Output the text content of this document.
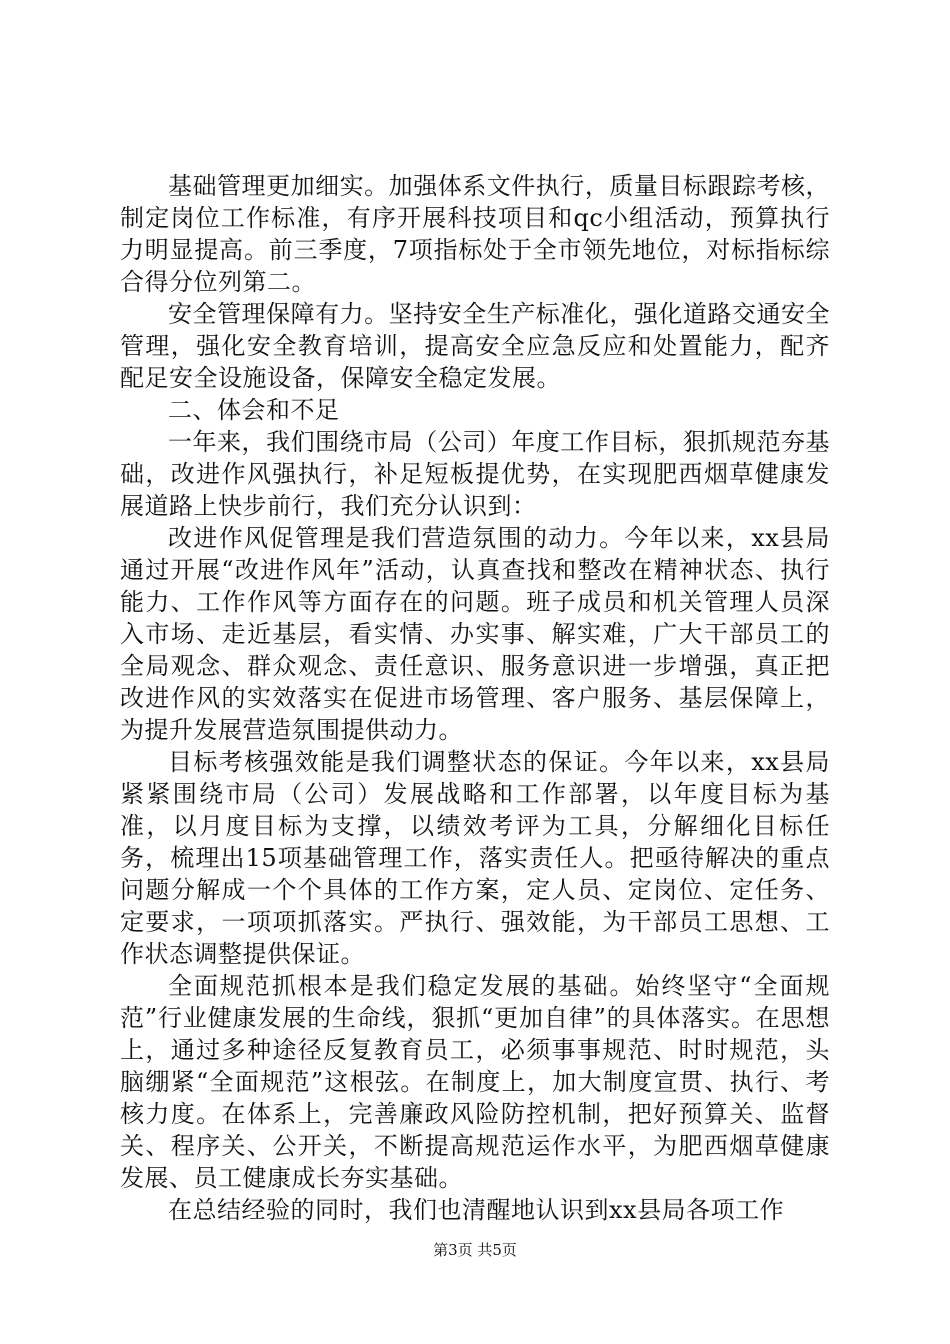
基础管理更加细实。加强体系文件执行，质量目标跟踪考核，制定岗位工作标准，有序开展科技项目和qc小组活动，预算执行力明显提高。前三季度，7项指标处于全市领先地位，对标指标综合得分位列第二。

安全管理保障有力。坚持安全生产标准化，强化道路交通安全管理，强化安全教育培训，提高安全应急反应和处置能力，配齐配足安全设施设备，保障安全稳定发展。

二、体会和不足

一年来，我们围绕市局（公司）年度工作目标，狠抓规范夯基础，改进作风强执行，补足短板提优势，在实现肥西烟草健康发展道路上快步前行，我们充分认识到：

改进作风促管理是我们营造氛围的动力。今年以来，xx县局通过开展“改进作风年”活动，认真查找和整改在精神状态、执行能力、工作作风等方面存在的问题。班子成员和机关管理人员深入市场、走近基层，看实情、办实事、解实难，广大干部员工的全局观念、群众观念、责任意识、服务意识进一步增强，真正把改进作风的实效落实在促进市场管理、客户服务、基层保障上，为提升发展营造氛围提供动力。

目标考核强效能是我们调整状态的保证。今年以来，xx县局紧紧围绕市局（公司）发展战略和工作部署，以年度目标为基准，以月度目标为支撑，以绩效考评为工具，分解细化目标任务，梳理出15项基础管理工作，落实责任人。把亟待解决的重点问题分解成一个个具体的工作方案，定人员、定岗位、定任务、定要求，一项项抓落实。严执行、强效能，为干部员工思想、工作状态调整提供保证。

全面规范抓根本是我们稳定发展的基础。始终坚守“全面规范”行业健康发展的生命线，狠抓“更加自律”的具体落实。在思想上，通过多种途径反复教育员工，必须事事规范、时时规范，头脑绷紧“全面规范”这根弦。在制度上，加大制度宣贯、执行、考核力度。在体系上，完善廉政风险防控机制，把好预算关、监督关、程序关、公开关，不断提高规范运作水平，为肥西烟草健康发展、员工健康成长夯实基础。

在总结经验的同时，我们也清醒地认识到xx县局各项工作

第3页 共5页
